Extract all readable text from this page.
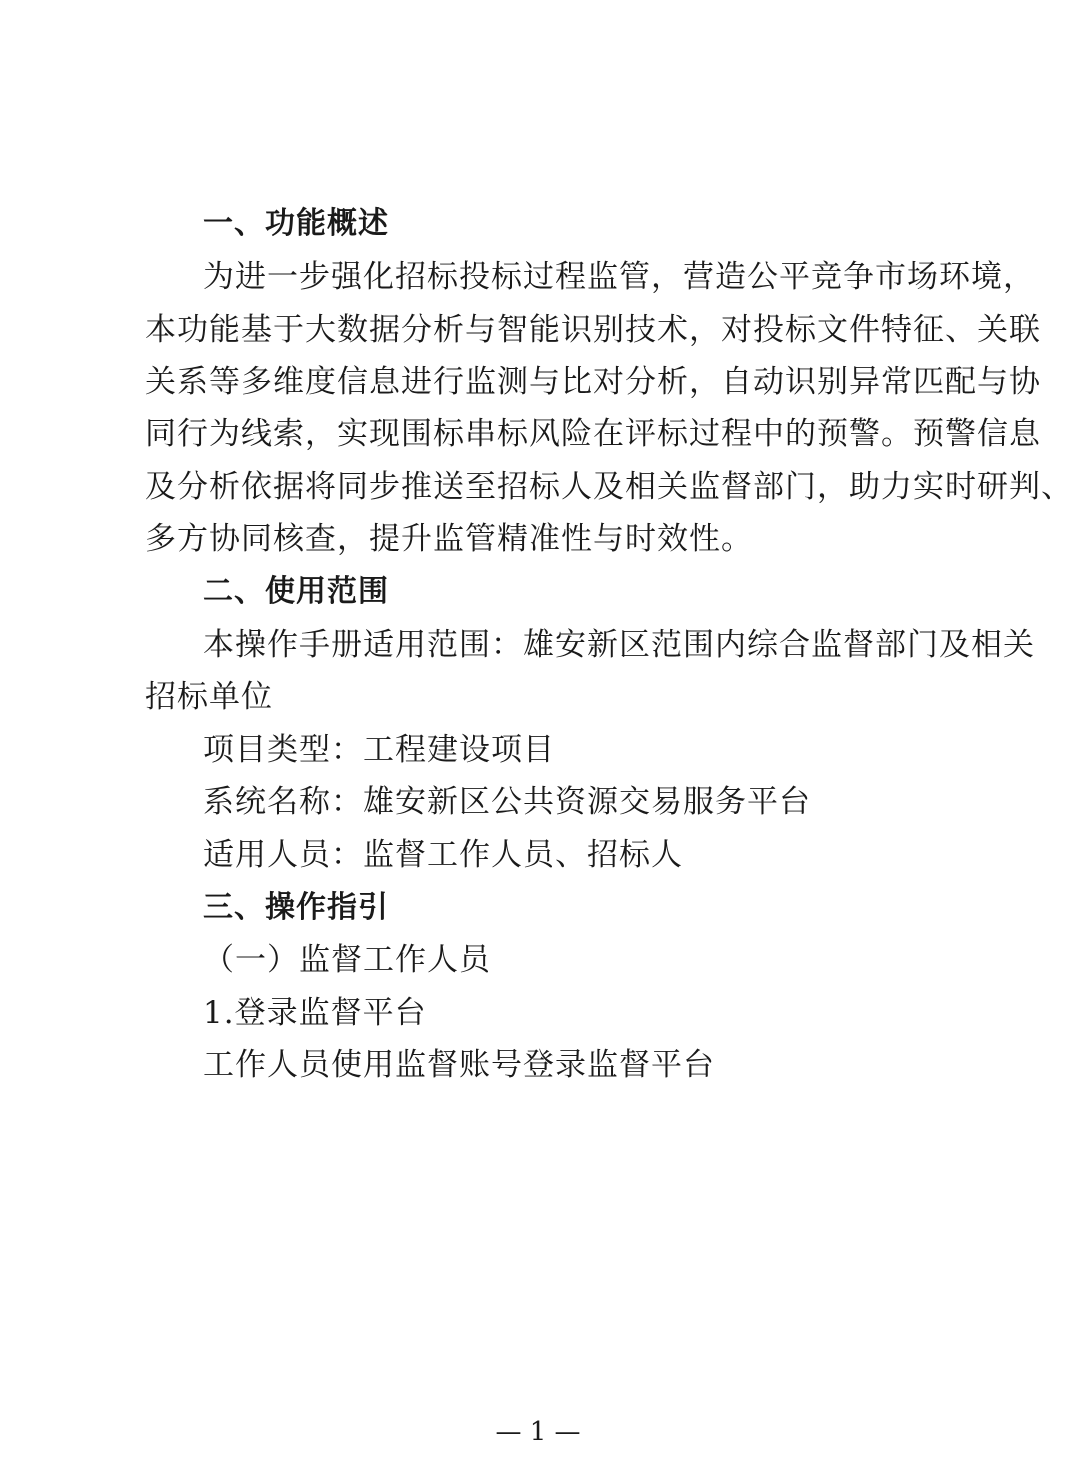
一、功能概述
为进一步强化招标投标过程监管，营造公平竞争市场环境，
本功能基于大数据分析与智能识别技术，对投标文件特征、关联
关系等多维度信息进行监测与比对分析，自动识别异常匹配与协
同行为线索，实现围标串标风险在评标过程中的预警。预警信息
及分析依据将同步推送至招标人及相关监督部门，助力实时研判、
多方协同核查，提升监管精准性与时效性。
二、使用范围
本操作手册适用范围：雄安新区范围内综合监督部门及相关
招标单位
项目类型：工程建设项目
系统名称：雄安新区公共资源交易服务平台
适用人员：监督工作人员、招标人
三、操作指引
（一）监督工作人员
1.登录监督平台
工作人员使用监督账号登录监督平台
— 1 —
